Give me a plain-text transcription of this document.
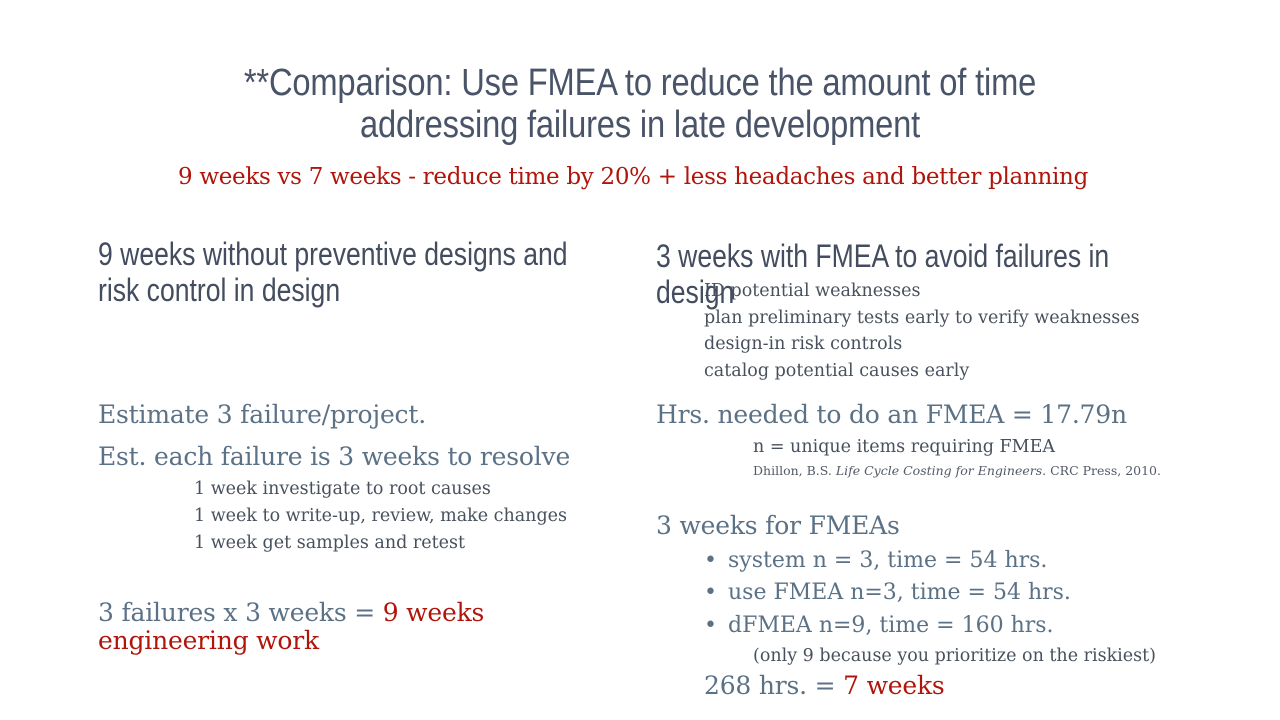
**Comparison: Use FMEA to reduce the amount of time addressing failures in late development
9 weeks vs 7 weeks - reduce time by 20% + less headaches and better planning
9 weeks without preventive designs and risk control in design
Estimate 3 failure/project.
Est. each failure is 3 weeks to resolve
1 week investigate to root causes
1 week to write-up, review, make changes
1 week get samples and retest
3 failures x 3 weeks = 9 weeks
engineering work
3 weeks with FMEA to avoid failures in design
ID potential weaknesses
plan preliminary tests early to verify weaknesses
design-in risk controls
catalog potential causes early
Hrs. needed to do an FMEA = 17.79n
n = unique items requiring FMEA
Dhillon, B.S. Life Cycle Costing for Engineers. CRC Press, 2010.
3 weeks for FMEAs
• system n = 3, time = 54 hrs.
• use FMEA n=3, time = 54 hrs.
• dFMEA n=9, time = 160 hrs.
(only 9 because you prioritize on the riskiest)
268 hrs. = 7 weeks
